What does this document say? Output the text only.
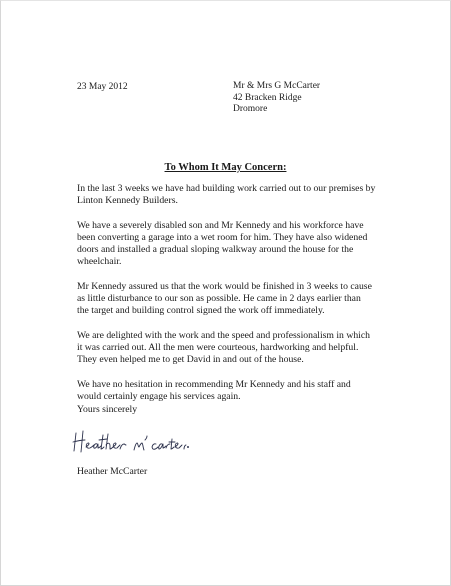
23 May 2012	Mr & Mrs G McCarter
42 Bracken Ridge
Dromore
To Whom It May Concern:

In the last 3 weeks we have had building work carried out to our premises by
Linton Kennedy Builders.

We have a severely disabled son and Mr Kennedy and his workforce have
been converting a garage into a wet room for him. They have also widened
doors and installed a gradual sloping walkway around the house for the
wheelchair.

Mr Kennedy assured us that the work would be finished in 3 weeks to cause
as little disturbance to our son as possible. He came in 2 days earlier than
the target and building control signed the work off immediately.

We are delighted with the work and the speed and professionalism in which
it was carried out. All the men were courteous, hardworking and helpful.
They even helped me to get David in and out of the house.

We have no hesitation in recommending Mr Kennedy and his staff and
would certainly engage his services again.

Yours sincerely
Heather McCarter
